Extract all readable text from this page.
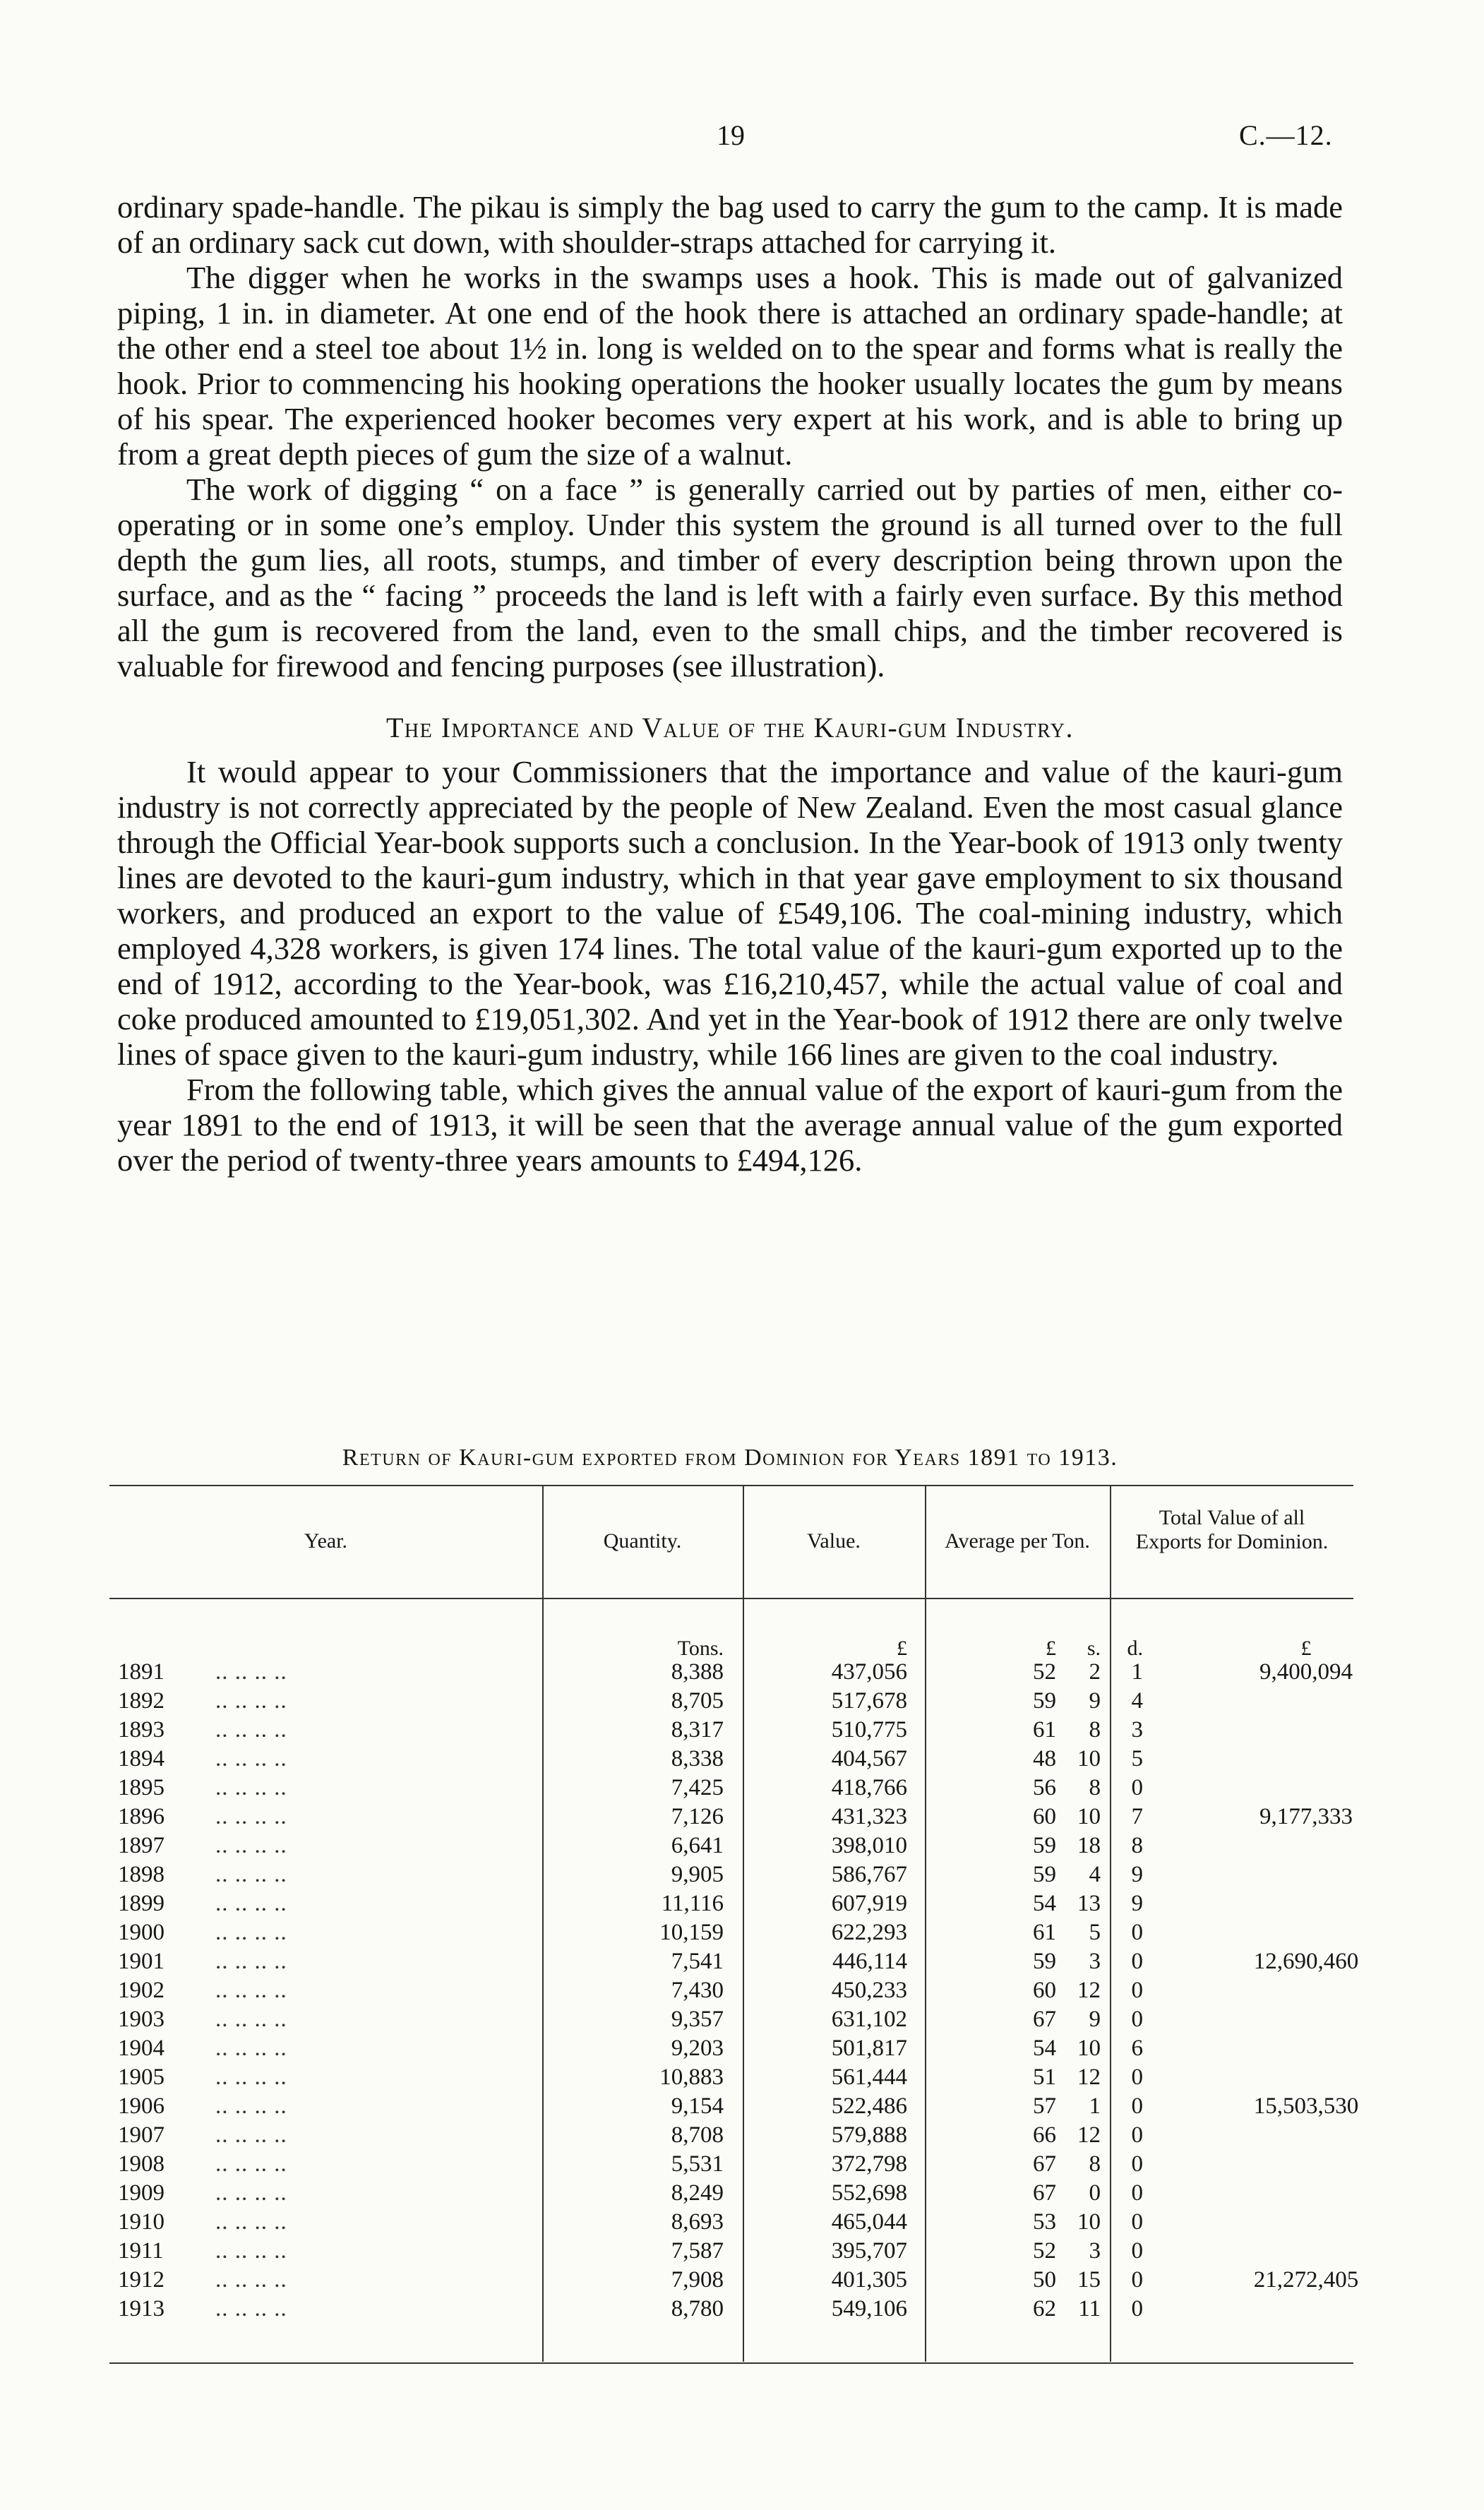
19	C.—12.

ordinary spade-handle. The pikau is simply the bag used to carry the gum to the camp. It is made of an ordinary sack cut down, with shoulder-straps attached for carrying it.

The digger when he works in the swamps uses a hook. This is made out of galvanized piping, 1 in. in diameter. At one end of the hook there is attached an ordinary spade-handle; at the other end a steel toe about 1½ in. long is welded on to the spear and forms what is really the hook. Prior to commencing his hooking operations the hooker usually locates the gum by means of his spear. The experienced hooker becomes very expert at his work, and is able to bring up from a great depth pieces of gum the size of a walnut.

The work of digging “ on a face ” is generally carried out by parties of men, either co-operating or in some one’s employ. Under this system the ground is all turned over to the full depth the gum lies, all roots, stumps, and timber of every description being thrown upon the surface, and as the “ facing ” proceeds the land is left with a fairly even surface. By this method all the gum is recovered from the land, even to the small chips, and the timber recovered is valuable for firewood and fencing purposes (see illustration).

The Importance and Value of the Kauri-gum Industry.

It would appear to your Commissioners that the importance and value of the kauri-gum industry is not correctly appreciated by the people of New Zealand. Even the most casual glance through the Official Year-book supports such a conclusion. In the Year-book of 1913 only twenty lines are devoted to the kauri-gum industry, which in that year gave employment to six thousand workers, and produced an export to the value of £549,106. The coal-mining industry, which employed 4,328 workers, is given 174 lines. The total value of the kauri-gum exported up to the end of 1912, according to the Year-book, was £16,210,457, while the actual value of coal and coke produced amounted to £19,051,302. And yet in the Year-book of 1912 there are only twelve lines of space given to the kauri-gum industry, while 166 lines are given to the coal industry.

From the following table, which gives the annual value of the export of kauri-gum from the year 1891 to the end of 1913, it will be seen that the average annual value of the gum exported over the period of twenty-three years amounts to £494,126.

Return of Kauri-gum exported from Dominion for Years 1891 to 1913.
Year.	Quantity.	Value.	Average per Ton.
Total Value of all Exports for Dominion.
Tons.	£	£	s.	d.	£
1891 .. .. .. ..	8,388	437,056	52	2	1	9,400,094
1892 .. .. .. ..	8,705	517,678	59	9	4
1893 .. .. .. ..	8,317	510,775	61	8	3
1894 .. .. .. ..	8,338	404,567	48 10	5
1895 .. .. .. ..	7,425	418,766	56	8	0
1896 .. .. .. ..	7,126	431,323	60 10	7	9,177,333
1897 .. .. .. ..	6,641	398,010	59 18	8
1898 .. .. .. ..	9,905	586,767	59	4	9
1899 .. .. .. ..	11,116	607,919	54 13	9
1900 .. .. .. ..	10,159	622,293	61	5	0
1901 .. .. .. ..	7,541	446,114	59	3	0	12,690,460
1902 .. .. .. ..	7,430	450,233	60 12	0
1903 .. .. .. ..	9,357	631,102	67	9	0
1904 .. .. .. ..	9,203	501,817	54 10	6
1905 .. .. .. ..	10,883	561,444	51 12	0
1906 .. .. .. ..	9,154	522,486	57	1	0	15,503,530
1907 .. .. .. ..	8,708	579,888	66 12	0
1908 .. .. .. ..	5,531	372,798	67	8	0
1909 .. .. .. ..	8,249	552,698	67	0	0
1910 .. .. .. ..	8,693	465,044	53 10	0
1911 .. .. .. ..	7,587	395,707	52	3	0
1912 .. .. .. ..	7,908	401,305	50 15	0	21,272,405
1913 .. .. .. ..	8,780	549,106	62 11	0
